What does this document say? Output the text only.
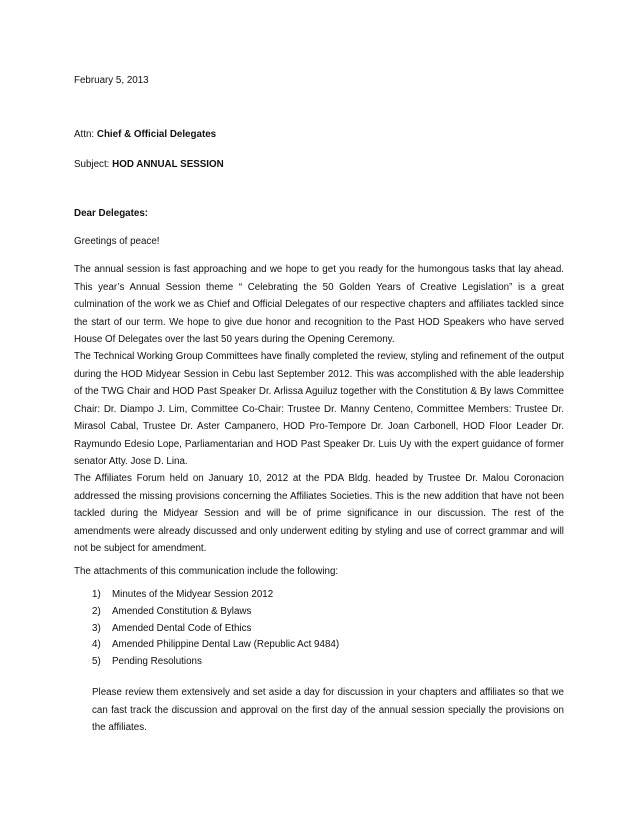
February 5, 2013

Attn: Chief & Official Delegates

Subject: HOD ANNUAL SESSION

Dear Delegates:

Greetings of peace!

The annual session is fast approaching and we hope to get you ready for the humongous tasks that lay ahead. This year’s Annual Session theme “ Celebrating the 50 Golden Years of Creative Legislation” is a great culmination of the work we as Chief and Official Delegates of our respective chapters and affiliates tackled since the start of our term. We hope to give due honor and recognition to the Past HOD Speakers who have served House Of Delegates over the last 50 years during the Opening Ceremony.

The Technical Working Group Committees have finally completed the review, styling and refinement of the output during the HOD Midyear Session in Cebu last September 2012. This was accomplished with the able leadership of the TWG Chair and HOD Past Speaker Dr. Arlissa Aguiluz together with the Constitution & By laws Committee Chair: Dr. Diampo J. Lim, Committee Co-Chair: Trustee Dr. Manny Centeno, Committee Members: Trustee Dr. Mirasol Cabal, Trustee Dr. Aster Campanero, HOD Pro-Tempore Dr. Joan Carbonell, HOD Floor Leader Dr. Raymundo Edesio Lope, Parliamentarian and HOD Past Speaker Dr. Luis Uy with the expert guidance of former senator Atty. Jose D. Lina.

The Affiliates Forum held on January 10, 2012 at the PDA Bldg. headed by Trustee Dr. Malou Coronacion addressed the missing provisions concerning the Affiliates Societies. This is the new addition that have not been tackled during the Midyear Session and will be of prime significance in our discussion. The rest of the amendments were already discussed and only underwent editing by styling and use of correct grammar and will not be subject for amendment.

The attachments of this communication include the following:

1) Minutes of the Midyear Session 2012
2) Amended Constitution & Bylaws
3) Amended Dental Code of Ethics
4) Amended Philippine Dental Law (Republic Act 9484)
5) Pending Resolutions

Please review them extensively and set aside a day for discussion in your chapters and affiliates so that we can fast track the discussion and approval on the first day of the annual session specially the provisions on the affiliates.
